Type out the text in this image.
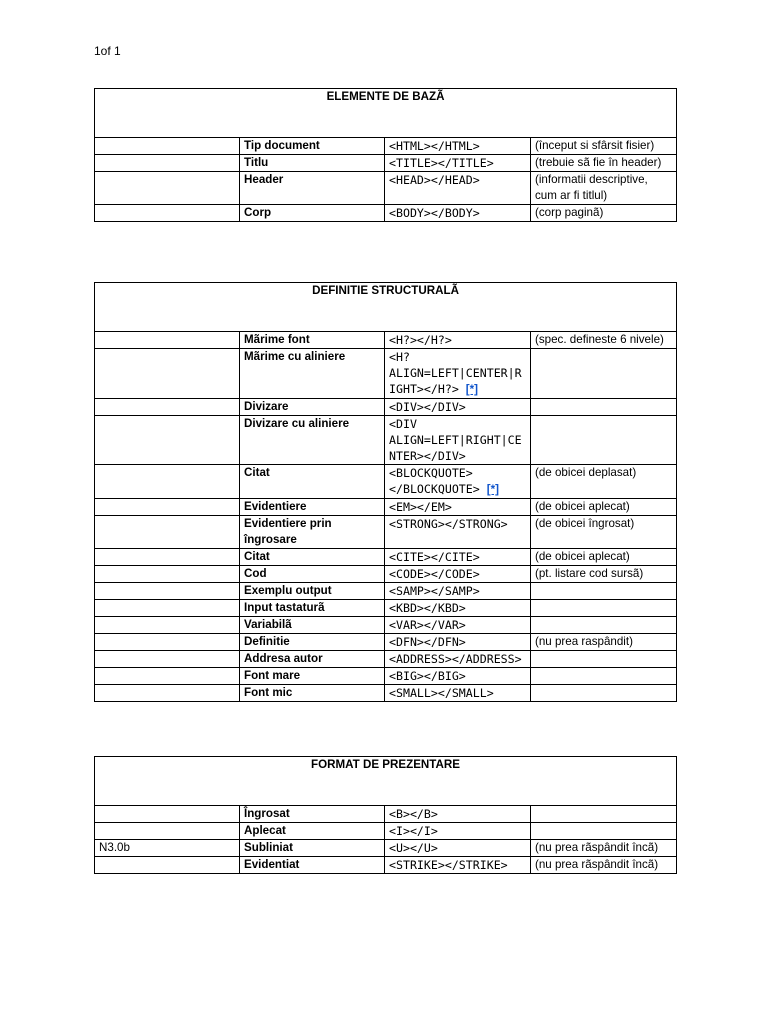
1of 1
ELEMENTE DE BAZÃ			
	Tip document	<HTML></HTML>	(început si sfârsit fisier)
	Titlu	<TITLE></TITLE>	(trebuie sã fie în header)
	Header	<HEAD></HEAD>	(informatii descriptive, cum ar fi titlul)
	Corp	<BODY></BODY>	(corp paginã)
DEFINITIE STRUCTURALÃ			
	Mãrime font	<H?></H?>	(spec. defineste 6 nivele)
	Mãrime cu aliniere	<H? ALIGN=LEFT|CENTER|RIGHT></H?> [*]	
	Divizare	<DIV></DIV>	
	Divizare cu aliniere	<DIV ALIGN=LEFT|RIGHT|CENTER></DIV>	
	Citat	<BLOCKQUOTE></BLOCKQUOTE> [*]	(de obicei deplasat)
	Evidentiere	<EM></EM>	(de obicei aplecat)
	Evidentiere prin îngrosare	<STRONG></STRONG>	(de obicei îngrosat)
	Citat	<CITE></CITE>	(de obicei aplecat)
	Cod	<CODE></CODE>	(pt. listare cod sursã)
	Exemplu output	<SAMP></SAMP>	
	Input tastaturã	<KBD></KBD>	
	Variabilã	<VAR></VAR>	
	Definitie	<DFN></DFN>	(nu prea raspândit)
	Addresa autor	<ADDRESS></ADDRESS>	
	Font mare	<BIG></BIG>	
	Font mic	<SMALL></SMALL>	
FORMAT DE PREZENTARE			
	Îngrosat	<B></B>	
	Aplecat	<I></I>	
N3.0b	Subliniat	<U></U>	(nu prea rãspândit încã)
	Evidentiat	<STRIKE></STRIKE>	(nu prea rãspândit încã)
